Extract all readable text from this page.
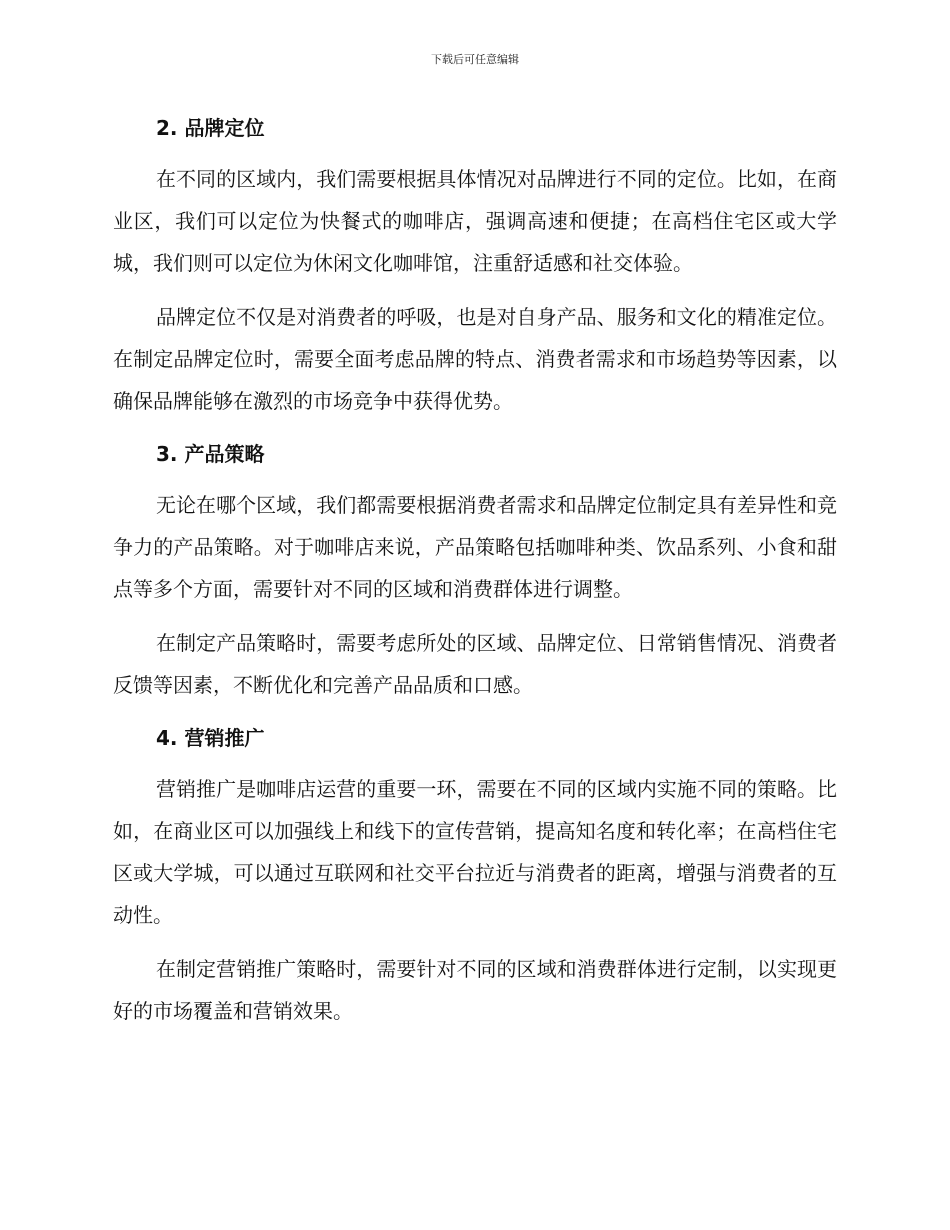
下载后可任意编辑
2. 品牌定位

在不同的区域内，我们需要根据具体情况对品牌进行不同的定位。比如，在商业区，我们可以定位为快餐式的咖啡店，强调高速和便捷；在高档住宅区或大学城，我们则可以定位为休闲文化咖啡馆，注重舒适感和社交体验。

品牌定位不仅是对消费者的呼吸，也是对自身产品、服务和文化的精准定位。在制定品牌定位时，需要全面考虑品牌的特点、消费者需求和市场趋势等因素，以确保品牌能够在激烈的市场竞争中获得优势。

3. 产品策略

无论在哪个区域，我们都需要根据消费者需求和品牌定位制定具有差异性和竞争力的产品策略。对于咖啡店来说，产品策略包括咖啡种类、饮品系列、小食和甜点等多个方面，需要针对不同的区域和消费群体进行调整。

在制定产品策略时，需要考虑所处的区域、品牌定位、日常销售情况、消费者反馈等因素，不断优化和完善产品品质和口感。

4. 营销推广

营销推广是咖啡店运营的重要一环，需要在不同的区域内实施不同的策略。比如，在商业区可以加强线上和线下的宣传营销，提高知名度和转化率；在高档住宅区或大学城，可以通过互联网和社交平台拉近与消费者的距离，增强与消费者的互动性。

在制定营销推广策略时，需要针对不同的区域和消费群体进行定制，以实现更好的市场覆盖和营销效果。
